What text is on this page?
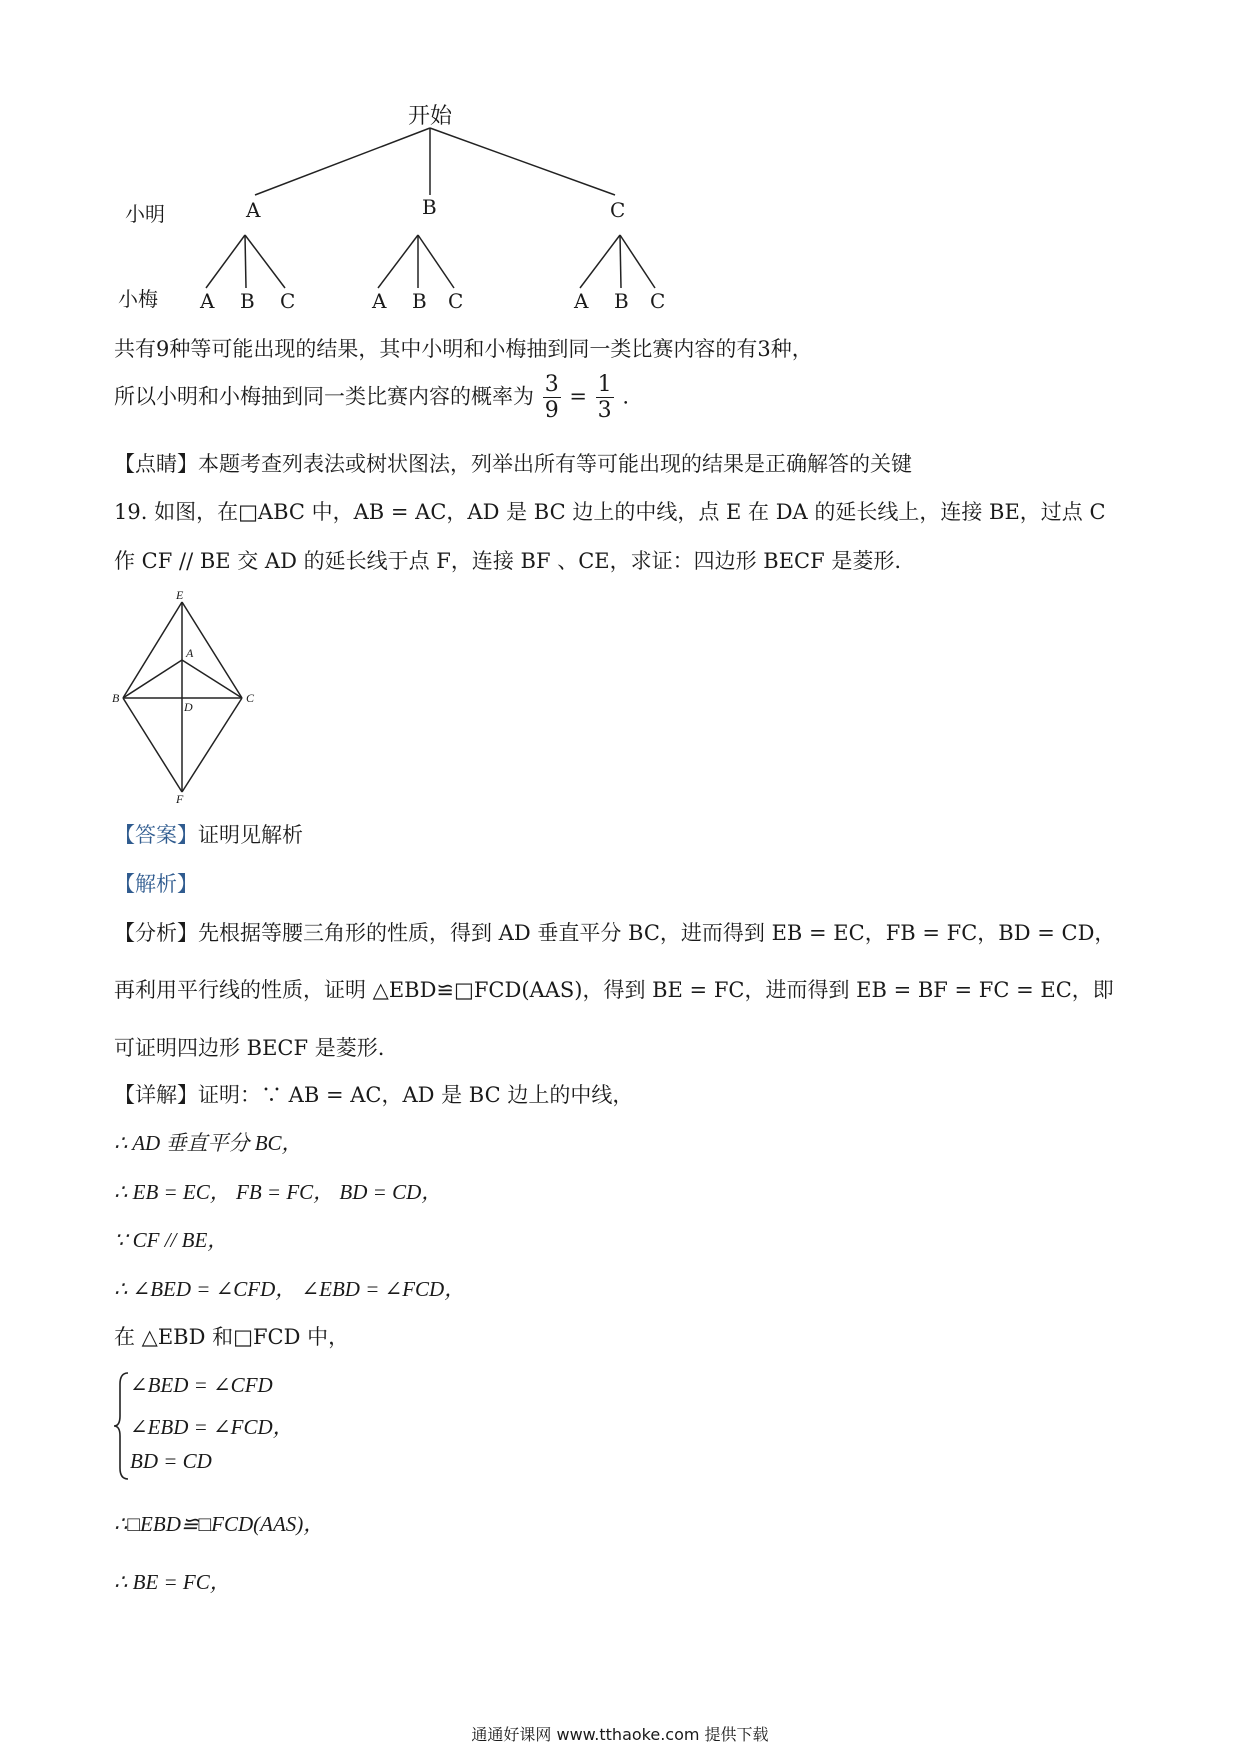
开始
小明
小梅
A	B	C
A B C	A B C	A B C
共有9种等可能出现的结果，其中小明和小梅抽到同一类比赛内容的有3种，
所以小明和小梅抽到同一类比赛内容的概率为 $\frac{3}{9} = \frac{1}{3}$ .
【点睛】本题考查列表法或树状图法，列举出所有等可能出现的结果是正确解答的关键
19. 如图，在□ABC 中，AB = AC，AD 是 BC 边上的中线，点 E 在 DA 的延长线上，连接 BE，过点 C
作 CF // BE 交 AD 的延长线于点 F，连接 BF 、CE，求证：四边形 BECF 是菱形.
E
A
B
D
C
F
【答案】证明见解析
【解析】
【分析】先根据等腰三角形的性质，得到 AD 垂直平分 BC，进而得到 EB = EC，FB = FC，BD = CD，
再利用平行线的性质，证明 △EBD≌□FCD(AAS)，得到 BE = FC，进而得到 EB = BF = FC = EC，即
可证明四边形 BECF 是菱形.
【详解】证明：∵ AB = AC，AD 是 BC 边上的中线，
∴ AD 垂直平分 BC，
∴ EB = EC， FB = FC， BD = CD，
∵ CF // BE，
∴ ∠BED = ∠CFD， ∠EBD = ∠FCD，
在 △EBD 和□FCD 中，
∠BED = ∠CFD
∠EBD = ∠FCD，
BD = CD
∴□EBD≌□FCD(AAS)，
∴ BE = FC，
通通好课网 www.tthaoke.com 提供下载
